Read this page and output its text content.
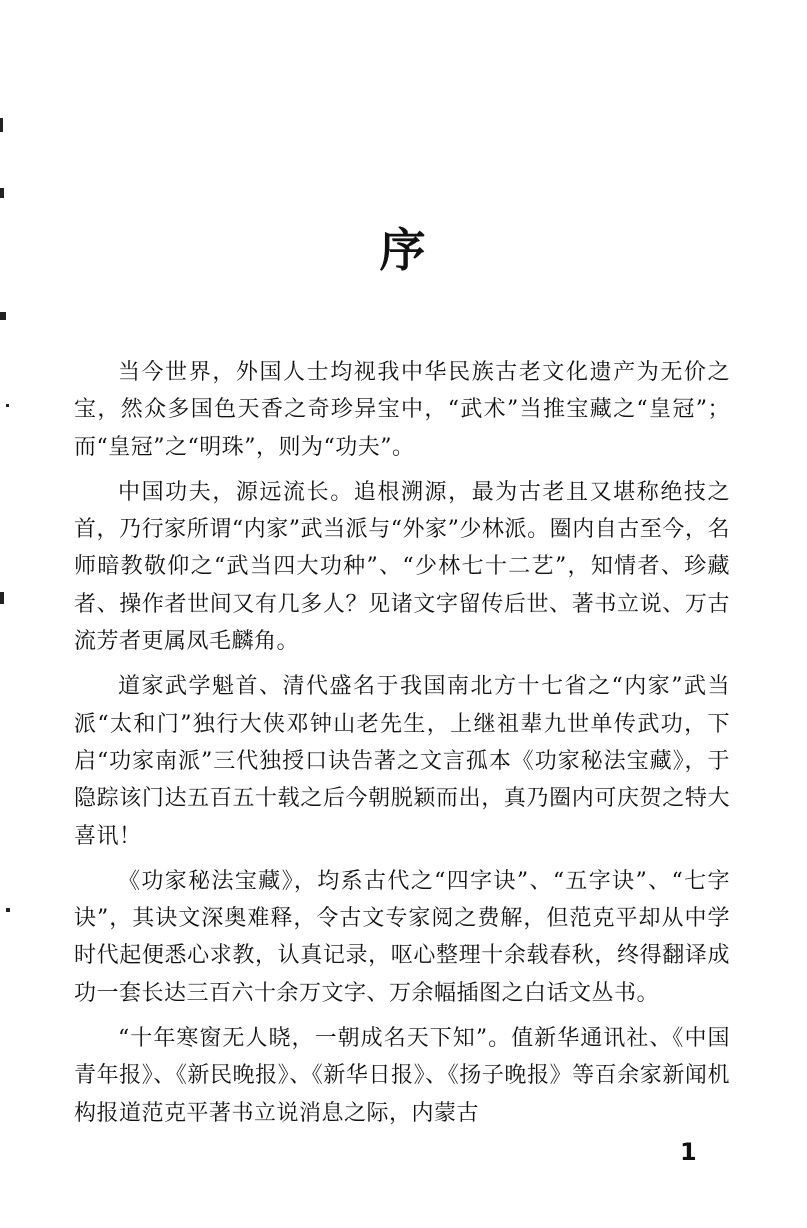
序

当今世界，外国人士均视我中华民族古老文化遗产为无价之宝，然众多国色天香之奇珍异宝中，“武术”当推宝藏之“皇冠”；而“皇冠”之“明珠”，则为“功夫”。

中国功夫，源远流长。追根溯源，最为古老且又堪称绝技之首，乃行家所谓“内家”武当派与“外家”少林派。圈内自古至今，名师暗教敬仰之“武当四大功种”、“少林七十二艺”，知情者、珍藏者、操作者世间又有几多人？见诸文字留传后世、著书立说、万古流芳者更属凤毛麟角。

道家武学魁首、清代盛名于我国南北方十七省之“内家”武当派“太和门”独行大侠邓钟山老先生，上继祖辈九世单传武功，下启“功家南派”三代独授口诀告著之文言孤本《功家秘法宝藏》，于隐踪该门达五百五十载之后今朝脱颖而出，真乃圈内可庆贺之特大喜讯！

《功家秘法宝藏》，均系古代之“四字诀”、“五字诀”、“七字诀”，其诀文深奥难释，令古文专家阅之费解，但范克平却从中学时代起便悉心求教，认真记录，呕心整理十余载春秋，终得翻译成功一套长达三百六十余万文字、万余幅插图之白话文丛书。

“十年寒窗无人晓，一朝成名天下知”。值新华通讯社、《中国青年报》、《新民晚报》、《新华日报》、《扬子晚报》等百余家新闻机构报道范克平著书立说消息之际，内蒙古

1
